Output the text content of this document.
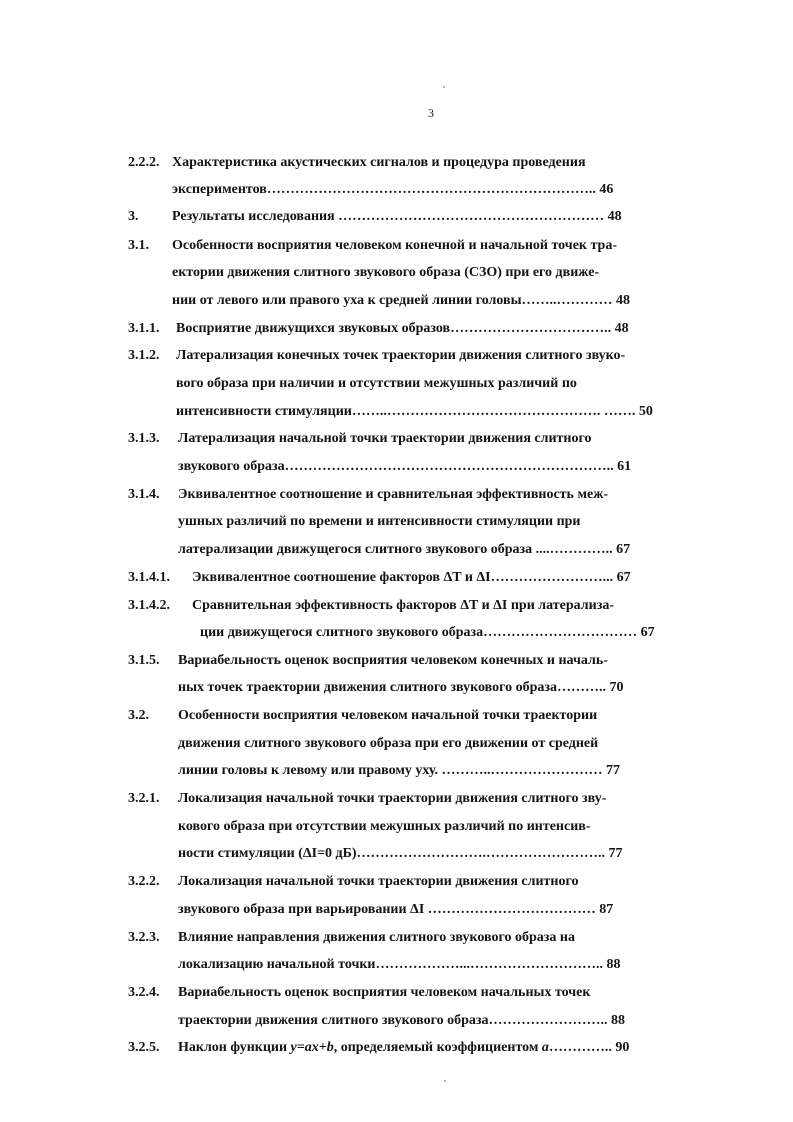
3
2.2.2. Характеристика акустических сигналов и процедура проведения
экспериментов…………………………………………………………….. 46
3. Результаты исследования ………………………………………………… 48
3.1. Особенности восприятия человеком конечной и начальной точек тра-
ектории движения слитного звукового образа (СЗО) при его движе-
нии от левого или правого уха к средней линии головы……..………… 48
3.1.1. Восприятие движущихся звуковых образов…………………………….. 48
3.1.2. Латерализация конечных точек траектории движения слитного звуко-
вого образа при наличии и отсутствии межушных различий по
интенсивности стимуляции……..………………………………………. ……. 50
3.1.3. Латерализация начальной точки траектории движения слитного
звукового образа…………………………………………………………….. 61
3.1.4. Эквивалентное соотношение и сравнительная эффективность меж-
ушных различий по времени и интенсивности стимуляции при
латерализации движущегося слитного звукового образа ....………….. 67
3.1.4.1. Эквивалентное соотношение факторов ΔT и ΔI……………………... 67
3.1.4.2. Сравнительная эффективность факторов ΔT и ΔI при латерализа-
ции движущегося слитного звукового образа…………………………… 67
3.1.5. Вариабельность оценок восприятия человеком конечных и началь-
ных точек траектории движения слитного звукового образа……….. 70
3.2. Особенности восприятия человеком начальной точки траектории
движения слитного звукового образа при его движении от средней
линии головы к левому или правому уху. ………..…………………… 77
3.2.1. Локализация начальной точки траектории движения слитного зву-
кового образа при отсутствии межушных различий по интенсив-
ности стимуляции (ΔI=0 дБ)……………………….…………………….. 77
3.2.2. Локализация начальной точки траектории движения слитного
звукового образа при варьировании ΔI ……………………………… 87
3.2.3. Влияние направления движения слитного звукового образа на
локализацию начальной точки………………...……………………….. 88
3.2.4. Вариабельность оценок восприятия человеком начальных точек
траектории движения слитного звукового образа…………………….. 88
3.2.5. Наклон функции y=ax+b, определяемый коэффициентом a………….. 90
